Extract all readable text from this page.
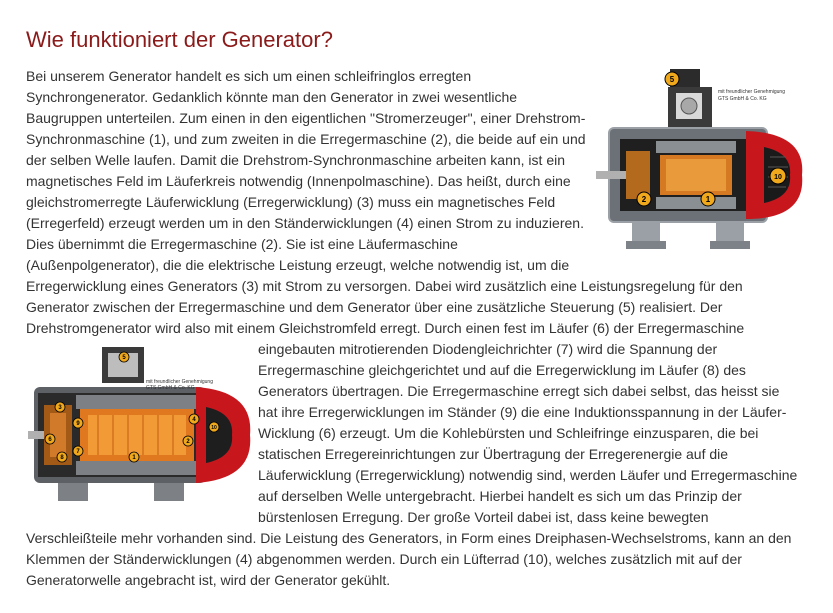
Wie funktioniert der Generator?
Bei unserem Generator handelt es sich um einen schleifringlos erregten
Synchrongenerator. Gedanklich könnte man den Generator in zwei wesentliche
Baugruppen unterteilen. Zum einen in den eigentlichen "Stromerzeuger", einer Drehstrom-
Synchronmaschine (1), und zum zweiten in die Erregermaschine (2), die beide auf ein und
der selben Welle laufen. Damit die Drehstrom-Synchronmaschine arbeiten kann, ist ein
magnetisches Feld im Läuferkreis notwendig (Innenpolmaschine). Das heißt, durch eine
gleichstromerregte Läuferwicklung (Erregerwicklung) (3) muss ein magnetisches Feld
(Erregerfeld) erzeugt werden um in den Ständerwicklungen (4) einen Strom zu induzieren.
Dies übernimmt die Erregermaschine (2). Sie ist eine Läufermaschine
(Außenpolgenerator), die die elektrische Leistung erzeugt, welche notwendig ist, um die
Erregerwicklung eines Generators (3) mit Strom zu versorgen. Dabei wird zusätzlich eine Leistungsregelung für den
Generator zwischen der Erregermaschine und dem Generator über eine zusätzliche Steuerung (5) realisiert. Der
Drehstromgenerator wird also mit einem Gleichstromfeld erregt. Durch einen fest im Läufer (6) der Erregermaschine
eingebauten mitrotierenden Diodengleichrichter (7) wird die Spannung der
Erregermaschine gleichgerichtet und auf die Erregerwicklung im Läufer (8) des
Generators übertragen. Die Erregermaschine erregt sich dabei selbst, das heisst sie
hat ihre Erregerwicklungen im Ständer (9) die eine Induktionsspannung in der Läufer-
Wicklung (6) erzeugt. Um die Kohlebürsten und Schleifringe einzusparen, die bei
statischen Erregereinrichtungen zur Übertragung der Erregerenergie auf die
Läuferwicklung (Erregerwicklung) notwendig sind, werden Läufer und Erregermaschine
auf derselben Welle untergebracht. Hierbei handelt es sich um das Prinzip der
bürstenlosen Erregung. Der große Vorteil dabei ist, dass keine bewegten
Verschleißteile mehr vorhanden sind. Die Leistung des Generators, in Form eines Dreiphasen-Wechselstroms, kann an den
Klemmen der Ständerwicklungen (4) abgenommen werden. Durch ein Lüfterrad (10), welches zusätzlich mit auf der
Generatorwelle angebracht ist, wird der Generator gekühlt.
mit freundlicher Genehmigung
GTS GmbH & Co. KG
5
2	1
10
mit freundlicher Genehmigung
GTS GmbH & Co. KG
5
3
6
8
9
7
4
10
1
2
